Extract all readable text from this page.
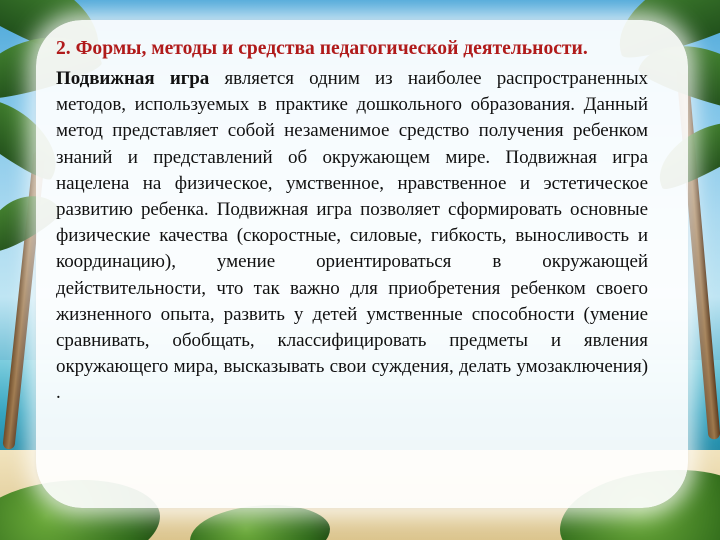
2. Формы, методы и средства педагогической деятельности.

Подвижная игра является одним из наиболее распространенных методов, используемых в практике дошкольного образования. Данный метод представляет собой незаменимое средство получения ребенком знаний и представлений об окружающем мире. Подвижная игра нацелена на физическое, умственное, нравственное и эстетическое развитию ребенка. Подвижная игра позволяет сформировать основные физические качества (скоростные, силовые, гибкость, выносливость и координацию), умение ориентироваться в окружающей действительности, что так важно для приобретения ребенком своего жизненного опыта, развить у детей умственные способности (умение сравнивать, обобщать, классифицировать предметы и явления окружающего мира, высказывать свои суждения, делать умозаключения) .
